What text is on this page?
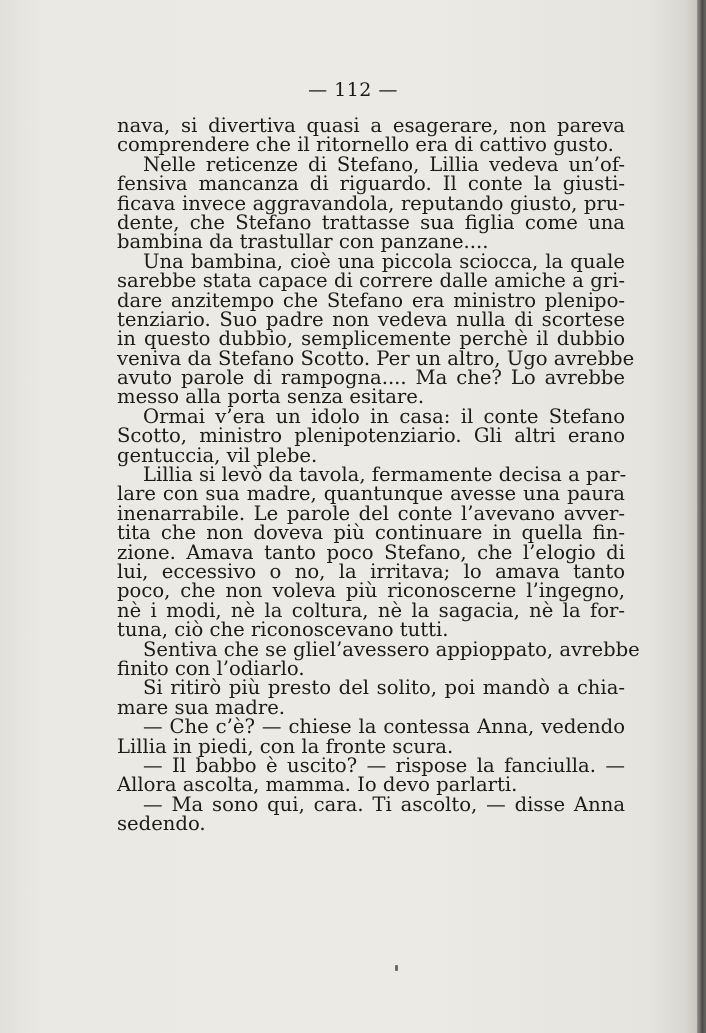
— 112 —
nava, si divertiva quasi a esagerare, non pareva
comprendere che il ritornello era di cattivo gusto.
Nelle reticenze di Stefano, Lillia vedeva un’of-
fensiva mancanza di riguardo. Il conte la giusti-
ficava invece aggravandola, reputando giusto, pru-
dente, che Stefano trattasse sua figlia come una
bambina da trastullar con panzane....
Una bambina, cioè una piccola sciocca, la quale
sarebbe stata capace di correre dalle amiche a gri-
dare anzitempo che Stefano era ministro plenipo-
tenziario. Suo padre non vedeva nulla di scortese
in questo dubbio, semplicemente perchè il dubbio
veniva da Stefano Scotto. Per un altro, Ugo avrebbe
avuto parole di rampogna.... Ma che? Lo avrebbe
messo alla porta senza esitare.
Ormai v’era un idolo in casa: il conte Stefano
Scotto, ministro plenipotenziario. Gli altri erano
gentuccia, vil plebe.
Lillia si levò da tavola, fermamente decisa a par-
lare con sua madre, quantunque avesse una paura
inenarrabile. Le parole del conte l’avevano avver-
tita che non doveva più continuare in quella fin-
zione. Amava tanto poco Stefano, che l’elogio di
lui, eccessivo o no, la irritava; lo amava tanto
poco, che non voleva più riconoscerne l’ingegno,
nè i modi, nè la coltura, nè la sagacia, nè la for-
tuna, ciò che riconoscevano tutti.
Sentiva che se gliel’avessero appioppato, avrebbe
finito con l’odiarlo.
Si ritirò più presto del solito, poi mandò a chia-
mare sua madre.
— Che c’è? — chiese la contessa Anna, vedendo
Lillia in piedi, con la fronte scura.
— Il babbo è uscito? — rispose la fanciulla. —
Allora ascolta, mamma. Io devo parlarti.
— Ma sono qui, cara. Ti ascolto, — disse Anna
sedendo.
